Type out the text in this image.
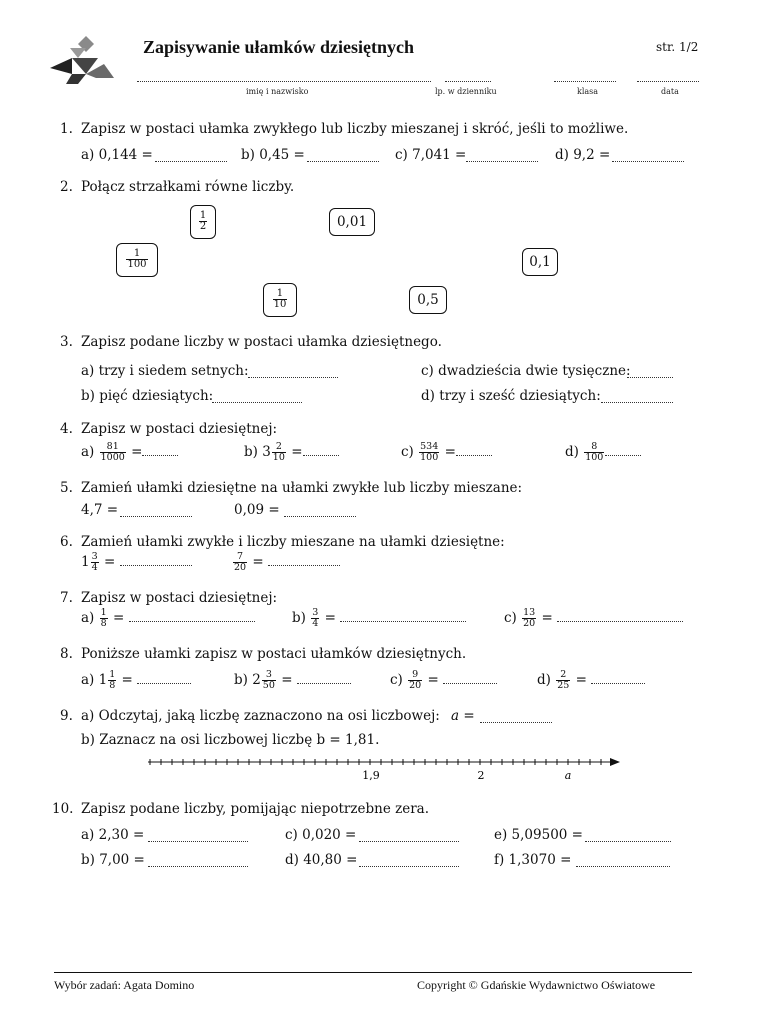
Zapisywanie ułamków dziesiętnych	str. 1/2
imię i nazwisko	lp. w dzienniku	klasa	data
1. Zapisz w postaci ułamka zwykłego lub liczby mieszanej i skróć, jeśli to możliwe.
a) 0,144 =	b) 0,45 =	c) 7,041 =	d) 9,2 =
2. Połącz strzałkami równe liczby.
$\frac{1}{2}$	0,01
$\frac{1}{100}$	0,1
$\frac{1}{10}$	0,5
3. Zapisz podane liczby w postaci ułamka dziesiętnego.
a) trzy i siedem setnych:	c) dwadzieścia dwie tysięczne:
b) pięć dziesiątych:	d) trzy i sześć dziesiątych:
4. Zapisz w postaci dziesiętnej:
$a) \frac{81}{1000}$ =	b) $3 \frac{2}{10}$ =	$c) \frac{534}{100}$ =	$d) \frac{8}{100}$
5. Zamień ułamki dziesiętne na ułamki zwykłe lub liczby mieszane:
4,7 =	0,09 =
6. Zamień ułamki zwykłe i liczby mieszane na ułamki dziesiętne:
$1 \frac{3}{4}$ =	$\frac{7}{20}$ =
7. Zapisz w postaci dziesiętnej:
$a) \frac{1}{8}$ =	$b) \frac{3}{4}$ =	$c) \frac{13}{20}$ =
8. Poniższe ułamki zapisz w postaci ułamków dziesiętnych.
a) $1 \frac{1}{8}$ =	b) $2 \frac{3}{50}$ =	$c) \frac{9}{20}$ =	$d) \frac{2}{25}$ =
9. a) Odczytaj, jaką liczbę zaznaczono na osi liczbowej: a =
b) Zaznacz na osi liczbowej liczbę b = 1,81.
1,9	2	a
10. Zapisz podane liczby, pomijając niepotrzebne zera.
a) 2,30 =	c) 0,020 =	e) 5,09500 =
b) 7,00 =	d) 40,80 =	f) 1,3070 =
Wybór zadań: Agata Domino	Copyright © Gdańskie Wydawnictwo Oświatowe
